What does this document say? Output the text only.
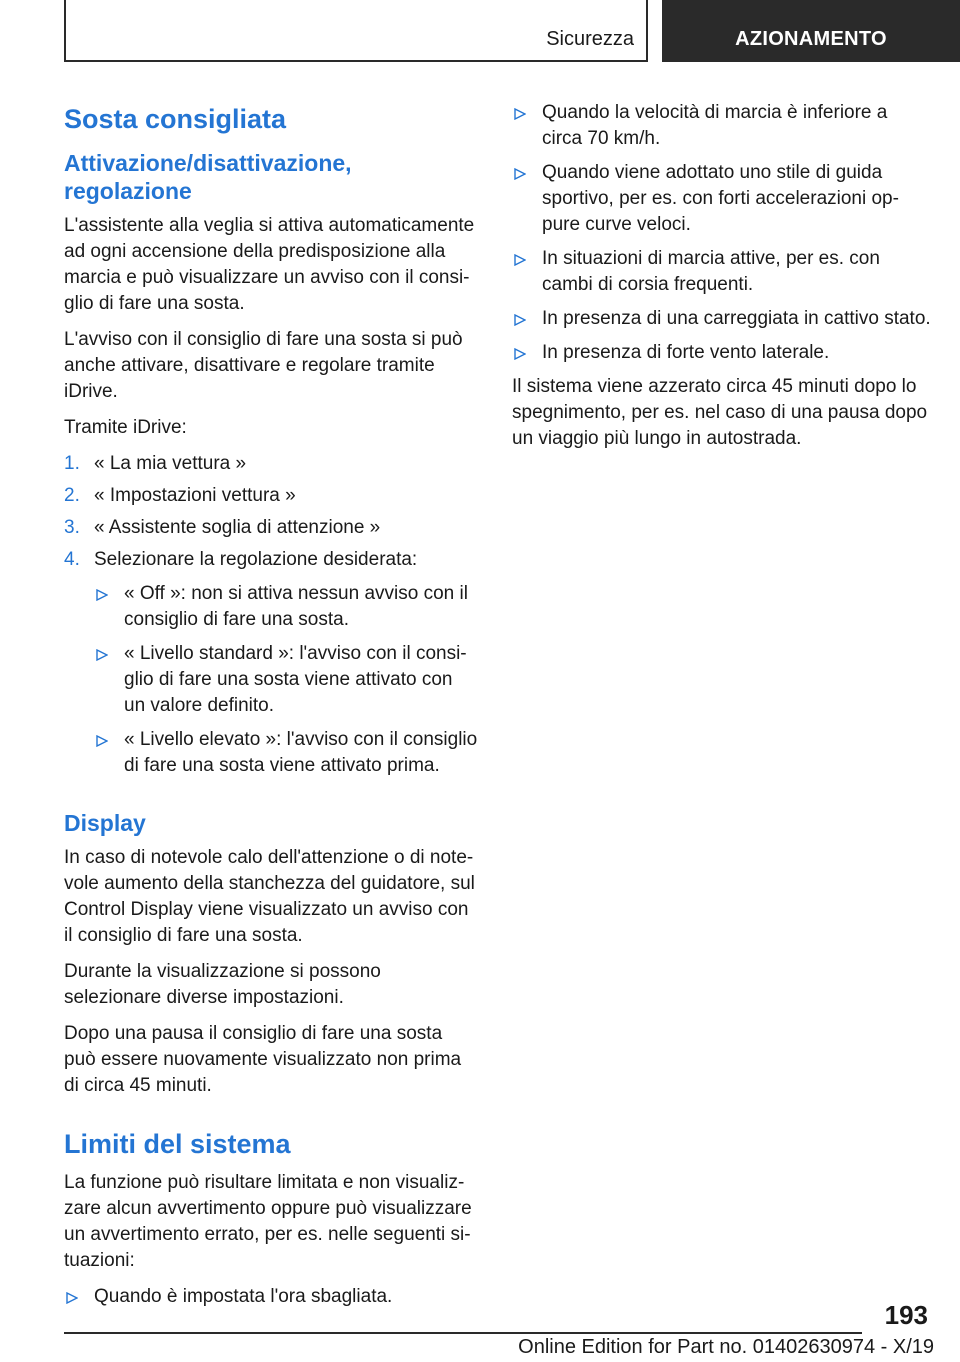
Sicurezza	AZIONAMENTO
Sosta consigliata
Attivazione/disattivazione, regolazione

L'assistente alla veglia si attiva automaticamente ad ogni accensione della predisposizione alla marcia e può visualizzare un avviso con il consi- glio di fare una sosta.

L'avviso con il consiglio di fare una sosta si può anche attivare, disattivare e regolare tramite iDrive.

Tramite iDrive:

1. « La mia vettura »
2. « Impostazioni vettura »
3. « Assistente soglia di attenzione »
4. Selezionare la regolazione desiderata:
« Off »: non si attiva nessun avviso con il consiglio di fare una sosta.
« Livello standard »: l'avviso con il consi- glio di fare una sosta viene attivato con un valore definito.
« Livello elevato »: l'avviso con il consiglio di fare una sosta viene attivato prima.
Display

In caso di notevole calo dell'attenzione o di note- vole aumento della stanchezza del guidatore, sul Control Display viene visualizzato un avviso con il consiglio di fare una sosta.

Durante la visualizzazione si possono selezionare diverse impostazioni.

Dopo una pausa il consiglio di fare una sosta può essere nuovamente visualizzato non prima di circa 45 minuti.

Limiti del sistema

La funzione può risultare limitata e non visualiz- zare alcun avvertimento oppure può visualizzare un avvertimento errato, per es. nelle seguenti si- tuazioni:

Quando è impostata l'ora sbagliata.
Quando la velocità di marcia è inferiore a circa 70 km/h.
Quando viene adottato uno stile di guida sportivo, per es. con forti accelerazioni op- pure curve veloci.
In situazioni di marcia attive, per es. con cambi di corsia frequenti.
In presenza di una carreggiata in cattivo stato.
In presenza di forte vento laterale.

Il sistema viene azzerato circa 45 minuti dopo lo spegnimento, per es. nel caso di una pausa dopo un viaggio più lungo in autostrada.

193
Online Edition for Part no. 01402630974 - X/19
